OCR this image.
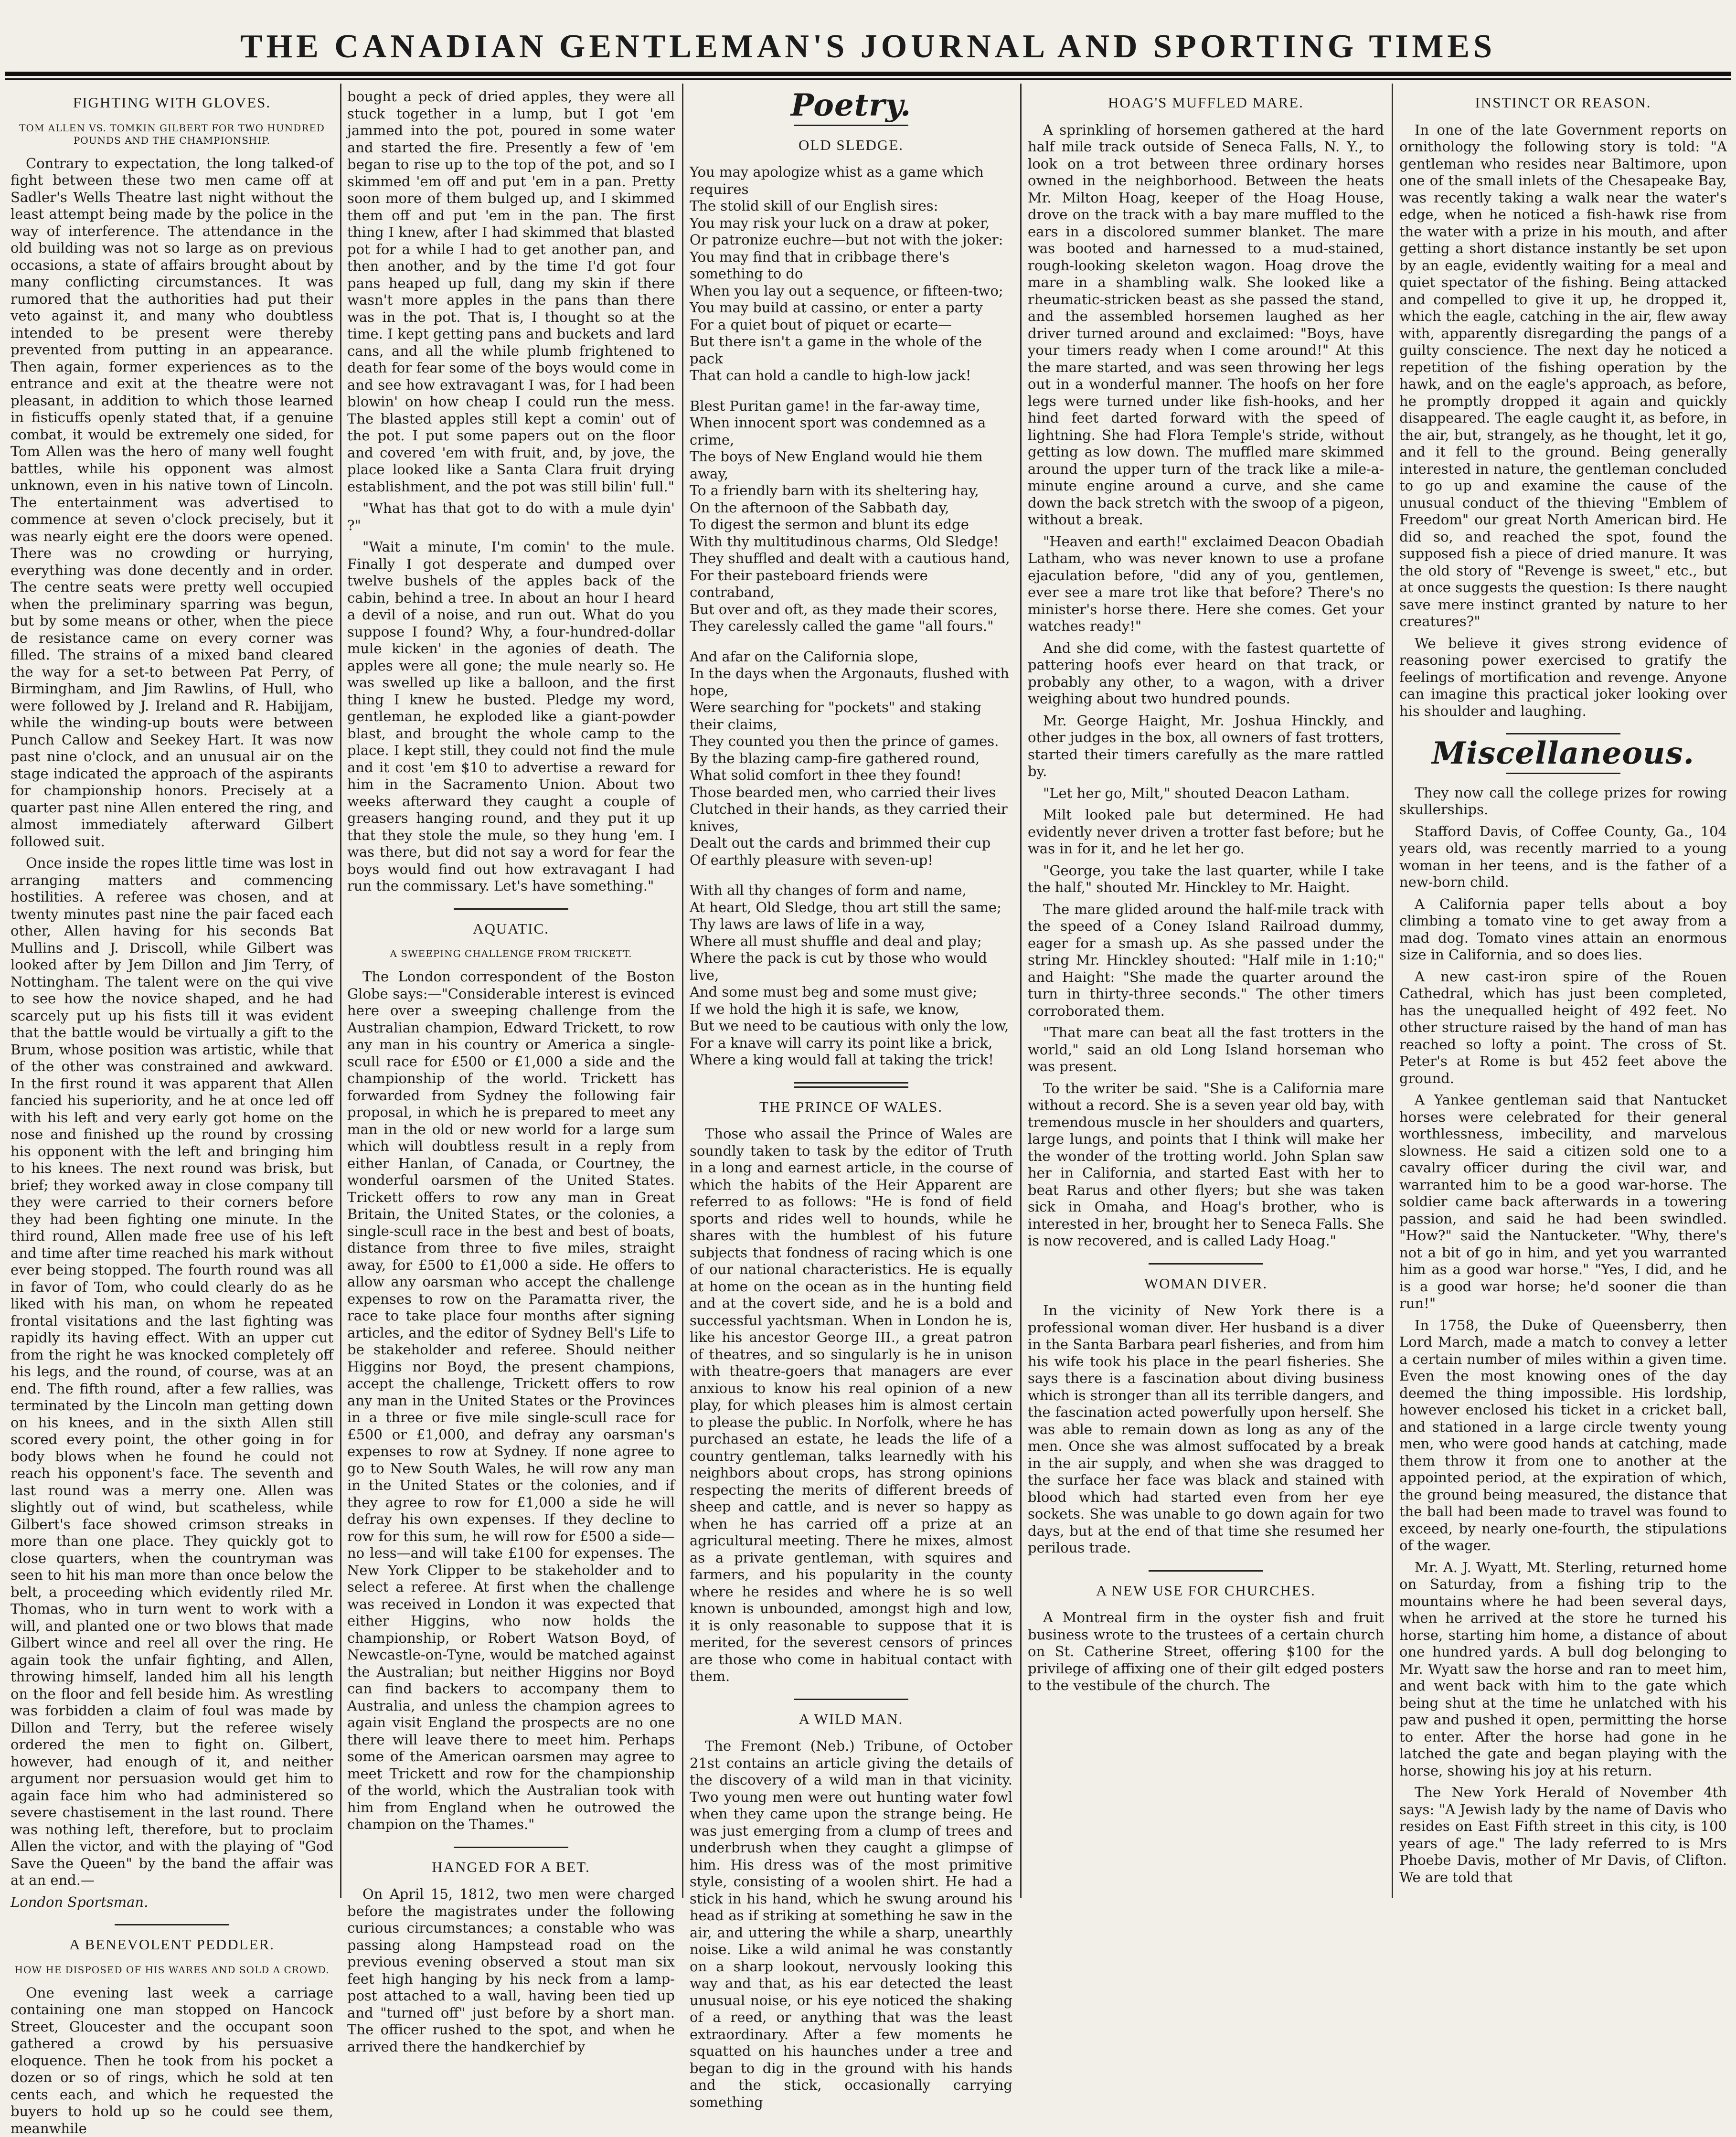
THE CANADIAN GENTLEMAN'S JOURNAL AND SPORTING TIMES
FIGHTING WITH GLOVES.
TOM ALLEN VS. TOMKIN GILBERT FOR TWO HUNDRED POUNDS AND THE CHAMPIONSHIP.

Contrary to expectation, the long talked-of fight between these two men came off at Sadler's Wells Theatre last night without the least attempt being made by the police in the way of interference. The attendance in the old building was not so large as on previous occasions, a state of affairs brought about by many conflicting circumstances. It was rumored that the authorities had put their veto against it, and many who doubtless intended to be present were thereby prevented from putting in an appearance. Then again, former experiences as to the entrance and exit at the theatre were not pleasant, in addition to which those learned in fisticuffs openly stated that, if a genuine combat, it would be extremely one sided, for Tom Allen was the hero of many well fought battles, while his opponent was almost unknown, even in his native town of Lincoln. The entertainment was advertised to commence at seven o'clock precisely, but it was nearly eight ere the doors were opened. There was no crowding or hurrying, everything was done decently and in order. The centre seats were pretty well occupied when the preliminary sparring was begun, but by some means or other, when the piece de resistance came on every corner was filled. The strains of a mixed band cleared the way for a set-to between Pat Perry, of Birmingham, and Jim Rawlins, of Hull, who were followed by J. Ireland and R. Habijjam, while the winding-up bouts were between Punch Callow and Seekey Hart. It was now past nine o'clock, and an unusual air on the stage indicated the approach of the aspirants for championship honors. Precisely at a quarter past nine Allen entered the ring, and almost immediately afterward Gilbert followed suit.

Once inside the ropes little time was lost in arranging matters and commencing hostilities. A referee was chosen, and at twenty minutes past nine the pair faced each other, Allen having for his seconds Bat Mullins and J. Driscoll, while Gilbert was looked after by Jem Dillon and Jim Terry, of Nottingham. The talent were on the qui vive to see how the novice shaped, and he had scarcely put up his fists till it was evident that the battle would be virtually a gift to the Brum, whose position was artistic, while that of the other was constrained and awkward. In the first round it was apparent that Allen fancied his superiority, and he at once led off with his left and very early got home on the nose and finished up the round by crossing his opponent with the left and bringing him to his knees. The next round was brisk, but brief; they worked away in close company till they were carried to their corners before they had been fighting one minute. In the third round, Allen made free use of his left and time after time reached his mark without ever being stopped. The fourth round was all in favor of Tom, who could clearly do as he liked with his man, on whom he repeated frontal visitations and the last fighting was rapidly its having effect. With an upper cut from the right he was knocked completely off his legs, and the round, of course, was at an end. The fifth round, after a few rallies, was terminated by the Lincoln man getting down on his knees, and in the sixth Allen still scored every point, the other going in for body blows when he found he could not reach his opponent's face. The seventh and last round was a merry one. Allen was slightly out of wind, but scatheless, while Gilbert's face showed crimson streaks in more than one place. They quickly got to close quarters, when the countryman was seen to hit his man more than once below the belt, a proceeding which evidently riled Mr. Thomas, who in turn went to work with a will, and planted one or two blows that made Gilbert wince and reel all over the ring. He again took the unfair fighting, and Allen, throwing himself, landed him all his length on the floor and fell beside him. As wrestling was forbidden a claim of foul was made by Dillon and Terry, but the referee wisely ordered the men to fight on. Gilbert, however, had enough of it, and neither argument nor persuasion would get him to again face him who had administered so severe chastisement in the last round. There was nothing left, therefore, but to proclaim Allen the victor, and with the playing of "God Save the Queen" by the band the affair was at an end.—

London Sportsman.

A BENEVOLENT PEDDLER.
HOW HE DISPOSED OF HIS WARES AND SOLD A CROWD.

One evening last week a carriage containing one man stopped on Hancock Street, Gloucester and the occupant soon gathered a crowd by his persuasive eloquence. Then he took from his pocket a dozen or so of rings, which he sold at ten cents each, and which he requested the buyers to hold up so he could see them, meanwhile

bought a peck of dried apples, they were all stuck together in a lump, but I got 'em jammed into the pot, poured in some water and started the fire. Presently a few of 'em began to rise up to the top of the pot, and so I skimmed 'em off and put 'em in a pan. Pretty soon more of them bulged up, and I skimmed them off and put 'em in the pan. The first thing I knew, after I had skimmed that blasted pot for a while I had to get another pan, and then another, and by the time I'd got four pans heaped up full, dang my skin if there wasn't more apples in the pans than there was in the pot. That is, I thought so at the time. I kept getting pans and buckets and lard cans, and all the while plumb frightened to death for fear some of the boys would come in and see how extravagant I was, for I had been blowin' on how cheap I could run the mess. The blasted apples still kept a comin' out of the pot. I put some papers out on the floor and covered 'em with fruit, and, by jove, the place looked like a Santa Clara fruit drying establishment, and the pot was still bilin' full."

"What has that got to do with a mule dyin' ?"

"Wait a minute, I'm comin' to the mule. Finally I got desperate and dumped over twelve bushels of the apples back of the cabin, behind a tree. In about an hour I heard a devil of a noise, and run out. What do you suppose I found? Why, a four-hundred-dollar mule kicken' in the agonies of death. The apples were all gone; the mule nearly so. He was swelled up like a balloon, and the first thing I knew he busted. Pledge my word, gentleman, he exploded like a giant-powder blast, and brought the whole camp to the place. I kept still, they could not find the mule and it cost 'em $10 to advertise a reward for him in the Sacramento Union. About two weeks afterward they caught a couple of greasers hanging round, and they put it up that they stole the mule, so they hung 'em. I was there, but did not say a word for fear the boys would find out how extravagant I had run the commissary. Let's have something."

AQUATIC.
A SWEEPING CHALLENGE FROM TRICKETT.

The London correspondent of the Boston Globe says:—"Considerable interest is evinced here over a sweeping challenge from the Australian champion, Edward Trickett, to row any man in his country or America a single-scull race for £500 or £1,000 a side and the championship of the world. Trickett has forwarded from Sydney the following fair proposal, in which he is prepared to meet any man in the old or new world for a large sum which will doubtless result in a reply from either Hanlan, of Canada, or Courtney, the wonderful oarsmen of the United States. Trickett offers to row any man in Great Britain, the United States, or the colonies, a single-scull race in the best and best of boats, distance from three to five miles, straight away, for £500 to £1,000 a side. He offers to allow any oarsman who accept the challenge expenses to row on the Paramatta river, the race to take place four months after signing articles, and the editor of Sydney Bell's Life to be stakeholder and referee. Should neither Higgins nor Boyd, the present champions, accept the challenge, Trickett offers to row any man in the United States or the Provinces in a three or five mile single-scull race for £500 or £1,000, and defray any oarsman's expenses to row at Sydney. If none agree to go to New South Wales, he will row any man in the United States or the colonies, and if they agree to row for £1,000 a side he will defray his own expenses. If they decline to row for this sum, he will row for £500 a side—no less—and will take £100 for expenses. The New York Clipper to be stakeholder and to select a referee. At first when the challenge was received in London it was expected that either Higgins, who now holds the championship, or Robert Watson Boyd, of Newcastle-on-Tyne, would be matched against the Australian; but neither Higgins nor Boyd can find backers to accompany them to Australia, and unless the champion agrees to again visit England the prospects are no one there will leave there to meet him. Perhaps some of the American oarsmen may agree to meet Trickett and row for the championship of the world, which the Australian took with him from England when he outrowed the champion on the Thames."

HANGED FOR A BET.

On April 15, 1812, two men were charged before the magistrates under the following curious circumstances; a constable who was passing along Hampstead road on the previous evening observed a stout man six feet high hanging by his neck from a lamp-post attached to a wall, having been tied up and "turned off" just before by a short man. The officer rushed to the spot, and when he arrived there the handkerchief by

Poetry.
OLD SLEDGE.

You may apologize whist as a game which requires
The stolid skill of our English sires:
You may risk your luck on a draw at poker,
Or patronize euchre—but not with the joker:
You may find that in cribbage there's something to do
When you lay out a sequence, or fifteen-two;
You may build at cassino, or enter a party
For a quiet bout of piquet or ecarte—
But there isn't a game in the whole of the pack
That can hold a candle to high-low jack!

Blest Puritan game! in the far-away time,
When innocent sport was condemned as a crime,
The boys of New England would hie them away,
To a friendly barn with its sheltering hay,
On the afternoon of the Sabbath day,
To digest the sermon and blunt its edge
With thy multitudinous charms, Old Sledge!
They shuffled and dealt with a cautious hand,
For their pasteboard friends were contraband,
But over and oft, as they made their scores,
They carelessly called the game "all fours."

And afar on the California slope,
In the days when the Argonauts, flushed with hope,
Were searching for "pockets" and staking their claims,
They counted you then the prince of games.
By the blazing camp-fire gathered round,
What solid comfort in thee they found!
Those bearded men, who carried their lives
Clutched in their hands, as they carried their knives,
Dealt out the cards and brimmed their cup
Of earthly pleasure with seven-up!

With all thy changes of form and name,
At heart, Old Sledge, thou art still the same;
Thy laws are laws of life in a way,
Where all must shuffle and deal and play;
Where the pack is cut by those who would live,
And some must beg and some must give;
If we hold the high it is safe, we know,
But we need to be cautious with only the low,
For a knave will carry its point like a brick,
Where a king would fall at taking the trick!

THE PRINCE OF WALES.

Those who assail the Prince of Wales are soundly taken to task by the editor of Truth in a long and earnest article, in the course of which the habits of the Heir Apparent are referred to as follows: "He is fond of field sports and rides well to hounds, while he shares with the humblest of his future subjects that fondness of racing which is one of our national characteristics. He is equally at home on the ocean as in the hunting field and at the covert side, and he is a bold and successful yachtsman. When in London he is, like his ancestor George III., a great patron of theatres, and so singularly is he in unison with theatre-goers that managers are ever anxious to know his real opinion of a new play, for which pleases him is almost certain to please the public. In Norfolk, where he has purchased an estate, he leads the life of a country gentleman, talks learnedly with his neighbors about crops, has strong opinions respecting the merits of different breeds of sheep and cattle, and is never so happy as when he has carried off a prize at an agricultural meeting. There he mixes, almost as a private gentleman, with squires and farmers, and his popularity in the county where he resides and where he is so well known is unbounded, amongst high and low, it is only reasonable to suppose that it is merited, for the severest censors of princes are those who come in habitual contact with them.

A WILD MAN.

The Fremont (Neb.) Tribune, of October 21st contains an article giving the details of the discovery of a wild man in that vicinity. Two young men were out hunting water fowl when they came upon the strange being. He was just emerging from a clump of trees and underbrush when they caught a glimpse of him. His dress was of the most primitive style, consisting of a woolen shirt. He had a stick in his hand, which he swung around his head as if striking at something he saw in the air, and uttering the while a sharp, unearthly noise. Like a wild animal he was constantly on a sharp lookout, nervously looking this way and that, as his ear detected the least unusual noise, or his eye noticed the shaking of a reed, or anything that was the least extraordinary. After a few moments he squatted on his haunches under a tree and began to dig in the ground with his hands and the stick, occasionally carrying something

HOAG'S MUFFLED MARE.

A sprinkling of horsemen gathered at the hard half mile track outside of Seneca Falls, N. Y., to look on a trot between three ordinary horses owned in the neighborhood. Between the heats Mr. Milton Hoag, keeper of the Hoag House, drove on the track with a bay mare muffled to the ears in a discolored summer blanket. The mare was booted and harnessed to a mud-stained, rough-looking skeleton wagon. Hoag drove the mare in a shambling walk. She looked like a rheumatic-stricken beast as she passed the stand, and the assembled horsemen laughed as her driver turned around and exclaimed: "Boys, have your timers ready when I come around!" At this the mare started, and was seen throwing her legs out in a wonderful manner. The hoofs on her fore legs were turned under like fish-hooks, and her hind feet darted forward with the speed of lightning. She had Flora Temple's stride, without getting as low down. The muffled mare skimmed around the upper turn of the track like a mile-a-minute engine around a curve, and she came down the back stretch with the swoop of a pigeon, without a break.

"Heaven and earth!" exclaimed Deacon Obadiah Latham, who was never known to use a profane ejaculation before, "did any of you, gentlemen, ever see a mare trot like that before? There's no minister's horse there. Here she comes. Get your watches ready!"

And she did come, with the fastest quartette of pattering hoofs ever heard on that track, or probably any other, to a wagon, with a driver weighing about two hundred pounds.

Mr. George Haight, Mr. Joshua Hinckly, and other judges in the box, all owners of fast trotters, started their timers carefully as the mare rattled by.

"Let her go, Milt," shouted Deacon Latham.

Milt looked pale but determined. He had evidently never driven a trotter fast before; but he was in for it, and he let her go.

"George, you take the last quarter, while I take the half," shouted Mr. Hinckley to Mr. Haight.

The mare glided around the half-mile track with the speed of a Coney Island Railroad dummy, eager for a smash up. As she passed under the string Mr. Hinckley shouted: "Half mile in 1:10;" and Haight: "She made the quarter around the turn in thirty-three seconds." The other timers corroborated them.

"That mare can beat all the fast trotters in the world," said an old Long Island horseman who was present.

To the writer be said. "She is a California mare without a record. She is a seven year old bay, with tremendous muscle in her shoulders and quarters, large lungs, and points that I think will make her the wonder of the trotting world. John Splan saw her in California, and started East with her to beat Rarus and other flyers; but she was taken sick in Omaha, and Hoag's brother, who is interested in her, brought her to Seneca Falls. She is now recovered, and is called Lady Hoag."

WOMAN DIVER.

In the vicinity of New York there is a professional woman diver. Her husband is a diver in the Santa Barbara pearl fisheries, and from him his wife took his place in the pearl fisheries. She says there is a fascination about diving business which is stronger than all its terrible dangers, and the fascination acted powerfully upon herself. She was able to remain down as long as any of the men. Once she was almost suffocated by a break in the air supply, and when she was dragged to the surface her face was black and stained with blood which had started even from her eye sockets. She was unable to go down again for two days, but at the end of that time she resumed her perilous trade.

A NEW USE FOR CHURCHES.

A Montreal firm in the oyster fish and fruit business wrote to the trustees of a certain church on St. Catherine Street, offering $100 for the privilege of affixing one of their gilt edged posters to the vestibule of the church. The

INSTINCT OR REASON.

In one of the late Government reports on ornithology the following story is told: "A gentleman who resides near Baltimore, upon one of the small inlets of the Chesapeake Bay, was recently taking a walk near the water's edge, when he noticed a fish-hawk rise from the water with a prize in his mouth, and after getting a short distance instantly be set upon by an eagle, evidently waiting for a meal and quiet spectator of the fishing. Being attacked and compelled to give it up, he dropped it, which the eagle, catching in the air, flew away with, apparently disregarding the pangs of a guilty conscience. The next day he noticed a repetition of the fishing operation by the hawk, and on the eagle's approach, as before, he promptly dropped it again and quickly disappeared. The eagle caught it, as before, in the air, but, strangely, as he thought, let it go, and it fell to the ground. Being generally interested in nature, the gentleman concluded to go up and examine the cause of the unusual conduct of the thieving "Emblem of Freedom" our great North American bird. He did so, and reached the spot, found the supposed fish a piece of dried manure. It was the old story of "Revenge is sweet," etc., but at once suggests the question: Is there naught save mere instinct granted by nature to her creatures?"

We believe it gives strong evidence of reasoning power exercised to gratify the feelings of mortification and revenge. Anyone can imagine this practical joker looking over his shoulder and laughing.

Miscellaneous.

They now call the college prizes for rowing skullerships.

Stafford Davis, of Coffee County, Ga., 104 years old, was recently married to a young woman in her teens, and is the father of a new-born child.

A California paper tells about a boy climbing a tomato vine to get away from a mad dog. Tomato vines attain an enormous size in California, and so does lies.

A new cast-iron spire of the Rouen Cathedral, which has just been completed, has the unequalled height of 492 feet. No other structure raised by the hand of man has reached so lofty a point. The cross of St. Peter's at Rome is but 452 feet above the ground.

A Yankee gentleman said that Nantucket horses were celebrated for their general worthlessness, imbecility, and marvelous slowness. He said a citizen sold one to a cavalry officer during the civil war, and warranted him to be a good war-horse. The soldier came back afterwards in a towering passion, and said he had been swindled. "How?" said the Nantucketer. "Why, there's not a bit of go in him, and yet you warranted him as a good war horse." "Yes, I did, and he is a good war horse; he'd sooner die than run!"

In 1758, the Duke of Queensberry, then Lord March, made a match to convey a letter a certain number of miles within a given time. Even the most knowing ones of the day deemed the thing impossible. His lordship, however enclosed his ticket in a cricket ball, and stationed in a large circle twenty young men, who were good hands at catching, made them throw it from one to another at the appointed period, at the expiration of which, the ground being measured, the distance that the ball had been made to travel was found to exceed, by nearly one-fourth, the stipulations of the wager.

Mr. A. J. Wyatt, Mt. Sterling, returned home on Saturday, from a fishing trip to the mountains where he had been several days, when he arrived at the store he turned his horse, starting him home, a distance of about one hundred yards. A bull dog belonging to Mr. Wyatt saw the horse and ran to meet him, and went back with him to the gate which being shut at the time he unlatched with his paw and pushed it open, permitting the horse to enter. After the horse had gone in he latched the gate and began playing with the horse, showing his joy at his return.

The New York Herald of November 4th says: "A Jewish lady by the name of Davis who resides on East Fifth street in this city, is 100 years of age." The lady referred to is Mrs Phoebe Davis, mother of Mr Davis, of Clifton. We are told that
